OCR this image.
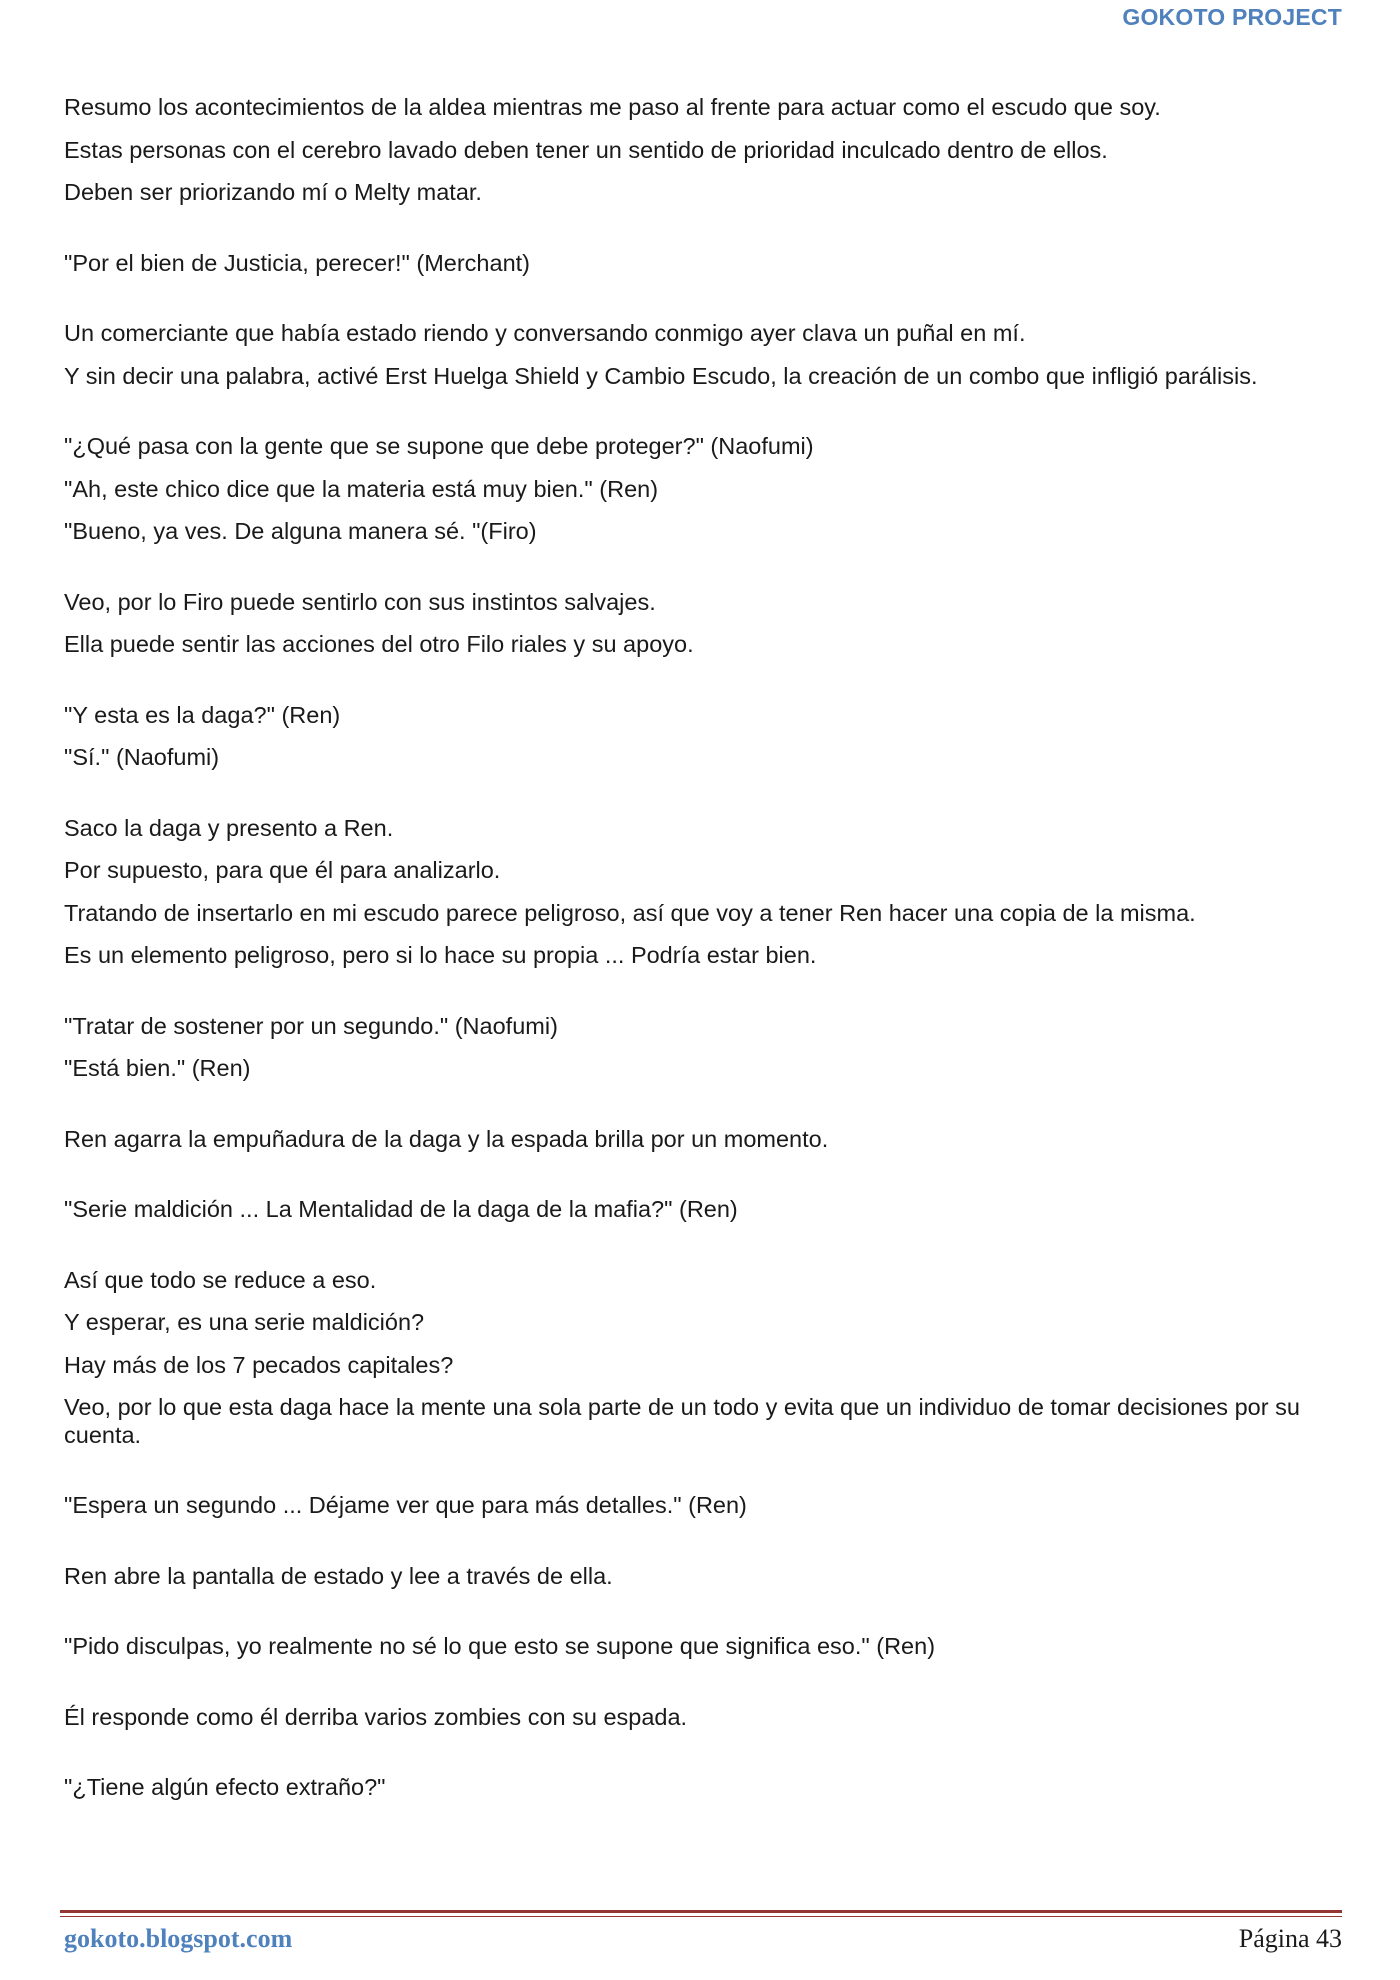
GOKOTO PROJECT
Resumo los acontecimientos de la aldea mientras me paso al frente para actuar como el escudo que soy.
Estas personas con el cerebro lavado deben tener un sentido de prioridad inculcado dentro de ellos.
Deben ser priorizando mí o Melty matar.
"Por el bien de Justicia, perecer!" (Merchant)
Un comerciante que había estado riendo y conversando conmigo ayer clava un puñal en mí.
Y sin decir una palabra, activé Erst Huelga Shield y Cambio Escudo, la creación de un combo que infligió parálisis.
"¿Qué pasa con la gente que se supone que debe proteger?" (Naofumi)
"Ah, este chico dice que la materia está muy bien." (Ren)
"Bueno, ya ves. De alguna manera sé. "(Firo)
Veo, por lo Firo puede sentirlo con sus instintos salvajes.
Ella puede sentir las acciones del otro Filo riales y su apoyo.
"Y esta es la daga?" (Ren)
"Sí." (Naofumi)
Saco la daga y presento a Ren.
Por supuesto, para que él para analizarlo.
Tratando de insertarlo en mi escudo parece peligroso, así que voy a tener Ren hacer una copia de la misma.
Es un elemento peligroso, pero si lo hace su propia ... Podría estar bien.
"Tratar de sostener por un segundo." (Naofumi)
"Está bien." (Ren)
Ren agarra la empuñadura de la daga y la espada brilla por un momento.
"Serie maldición ... La Mentalidad de la daga de la mafia?" (Ren)
Así que todo se reduce a eso.
Y esperar, es una serie maldición?
Hay más de los 7 pecados capitales?
Veo, por lo que esta daga hace la mente una sola parte de un todo y evita que un individuo de tomar decisiones por su cuenta.
"Espera un segundo ... Déjame ver que para más detalles." (Ren)
Ren abre la pantalla de estado y lee a través de ella.
"Pido disculpas, yo realmente no sé lo que esto se supone que significa eso." (Ren)
Él responde como él derriba varios zombies con su espada.
"¿Tiene algún efecto extraño?"
gokoto.blogspot.com	Página 43
